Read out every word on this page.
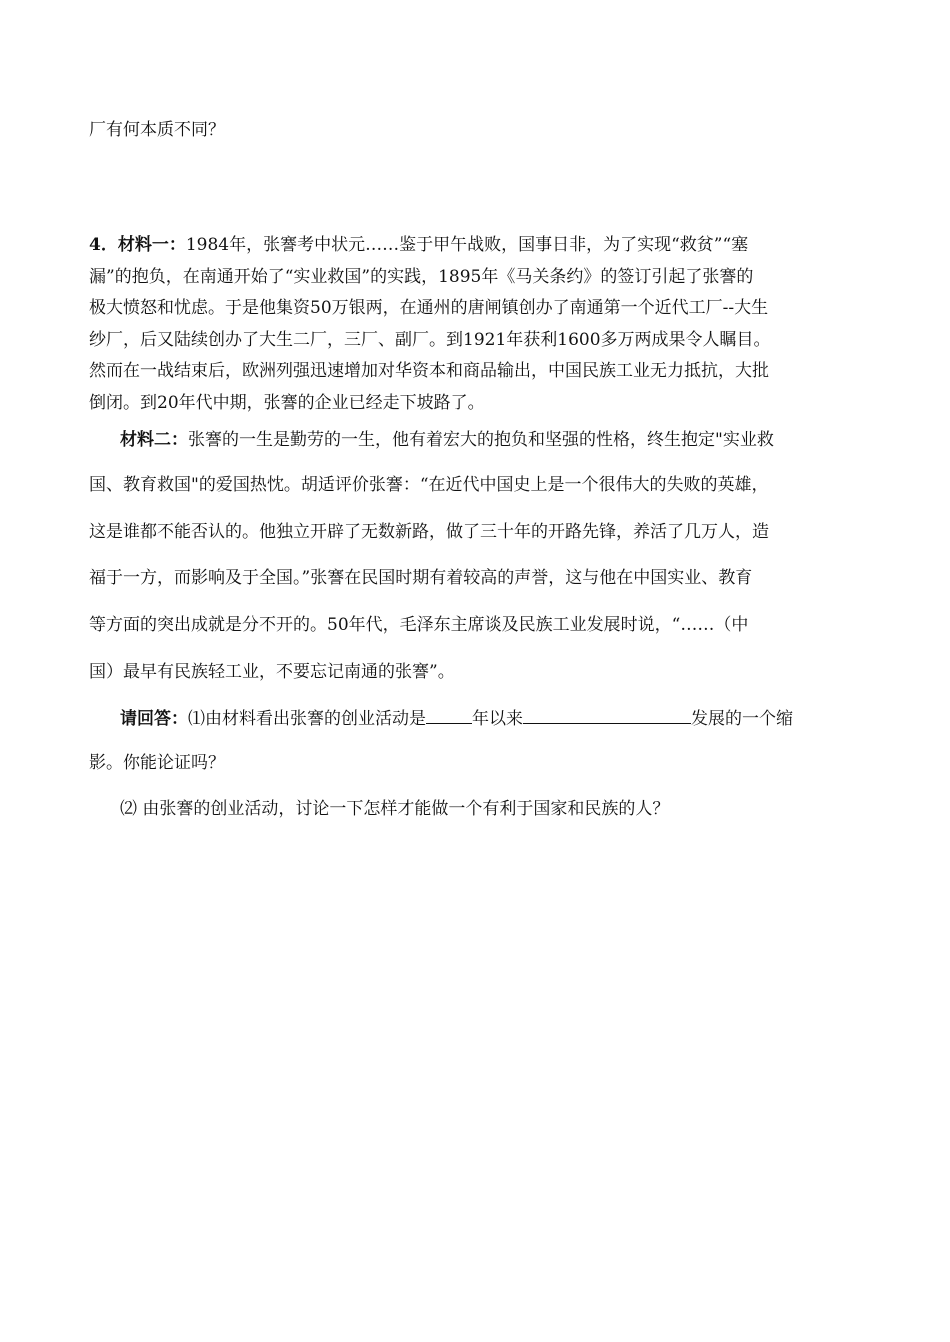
厂有何本质不同？
4．材料一：1984年，张謇考中状元……鉴于甲午战败，国事日非，为了实现“救贫”“塞
漏”的抱负，在南通开始了“实业救国”的实践，1895年《马关条约》的签订引起了张謇的
极大愤怒和忧虑。于是他集资50万银两，在通州的唐闸镇创办了南通第一个近代工厂--大生
纱厂，后又陆续创办了大生二厂，三厂、副厂。到1921年获利1600多万两成果令人瞩目。
然而在一战结束后，欧洲列强迅速增加对华资本和商品输出，中国民族工业无力抵抗，大批
倒闭。到20年代中期，张謇的企业已经走下坡路了。
材料二：张謇的一生是勤劳的一生，他有着宏大的抱负和坚强的性格，终生抱定"实业救
国、教育救国"的爱国热忱。胡适评价张謇：“在近代中国史上是一个很伟大的失败的英雄，
这是谁都不能否认的。他独立开辟了无数新路，做了三十年的开路先锋，养活了几万人，造
福于一方，而影响及于全国。”张謇在民国时期有着较高的声誉，这与他在中国实业、教育
等方面的突出成就是分不开的。50年代，毛泽东主席谈及民族工业发展时说，“……（中
国）最早有民族轻工业，不要忘记南通的张謇”。
请回答：⑴由材料看出张謇的创业活动是	年以来	发展的一个缩
影。你能论证吗？
⑵ 由张謇的创业活动，讨论一下怎样才能做一个有利于国家和民族的人？
